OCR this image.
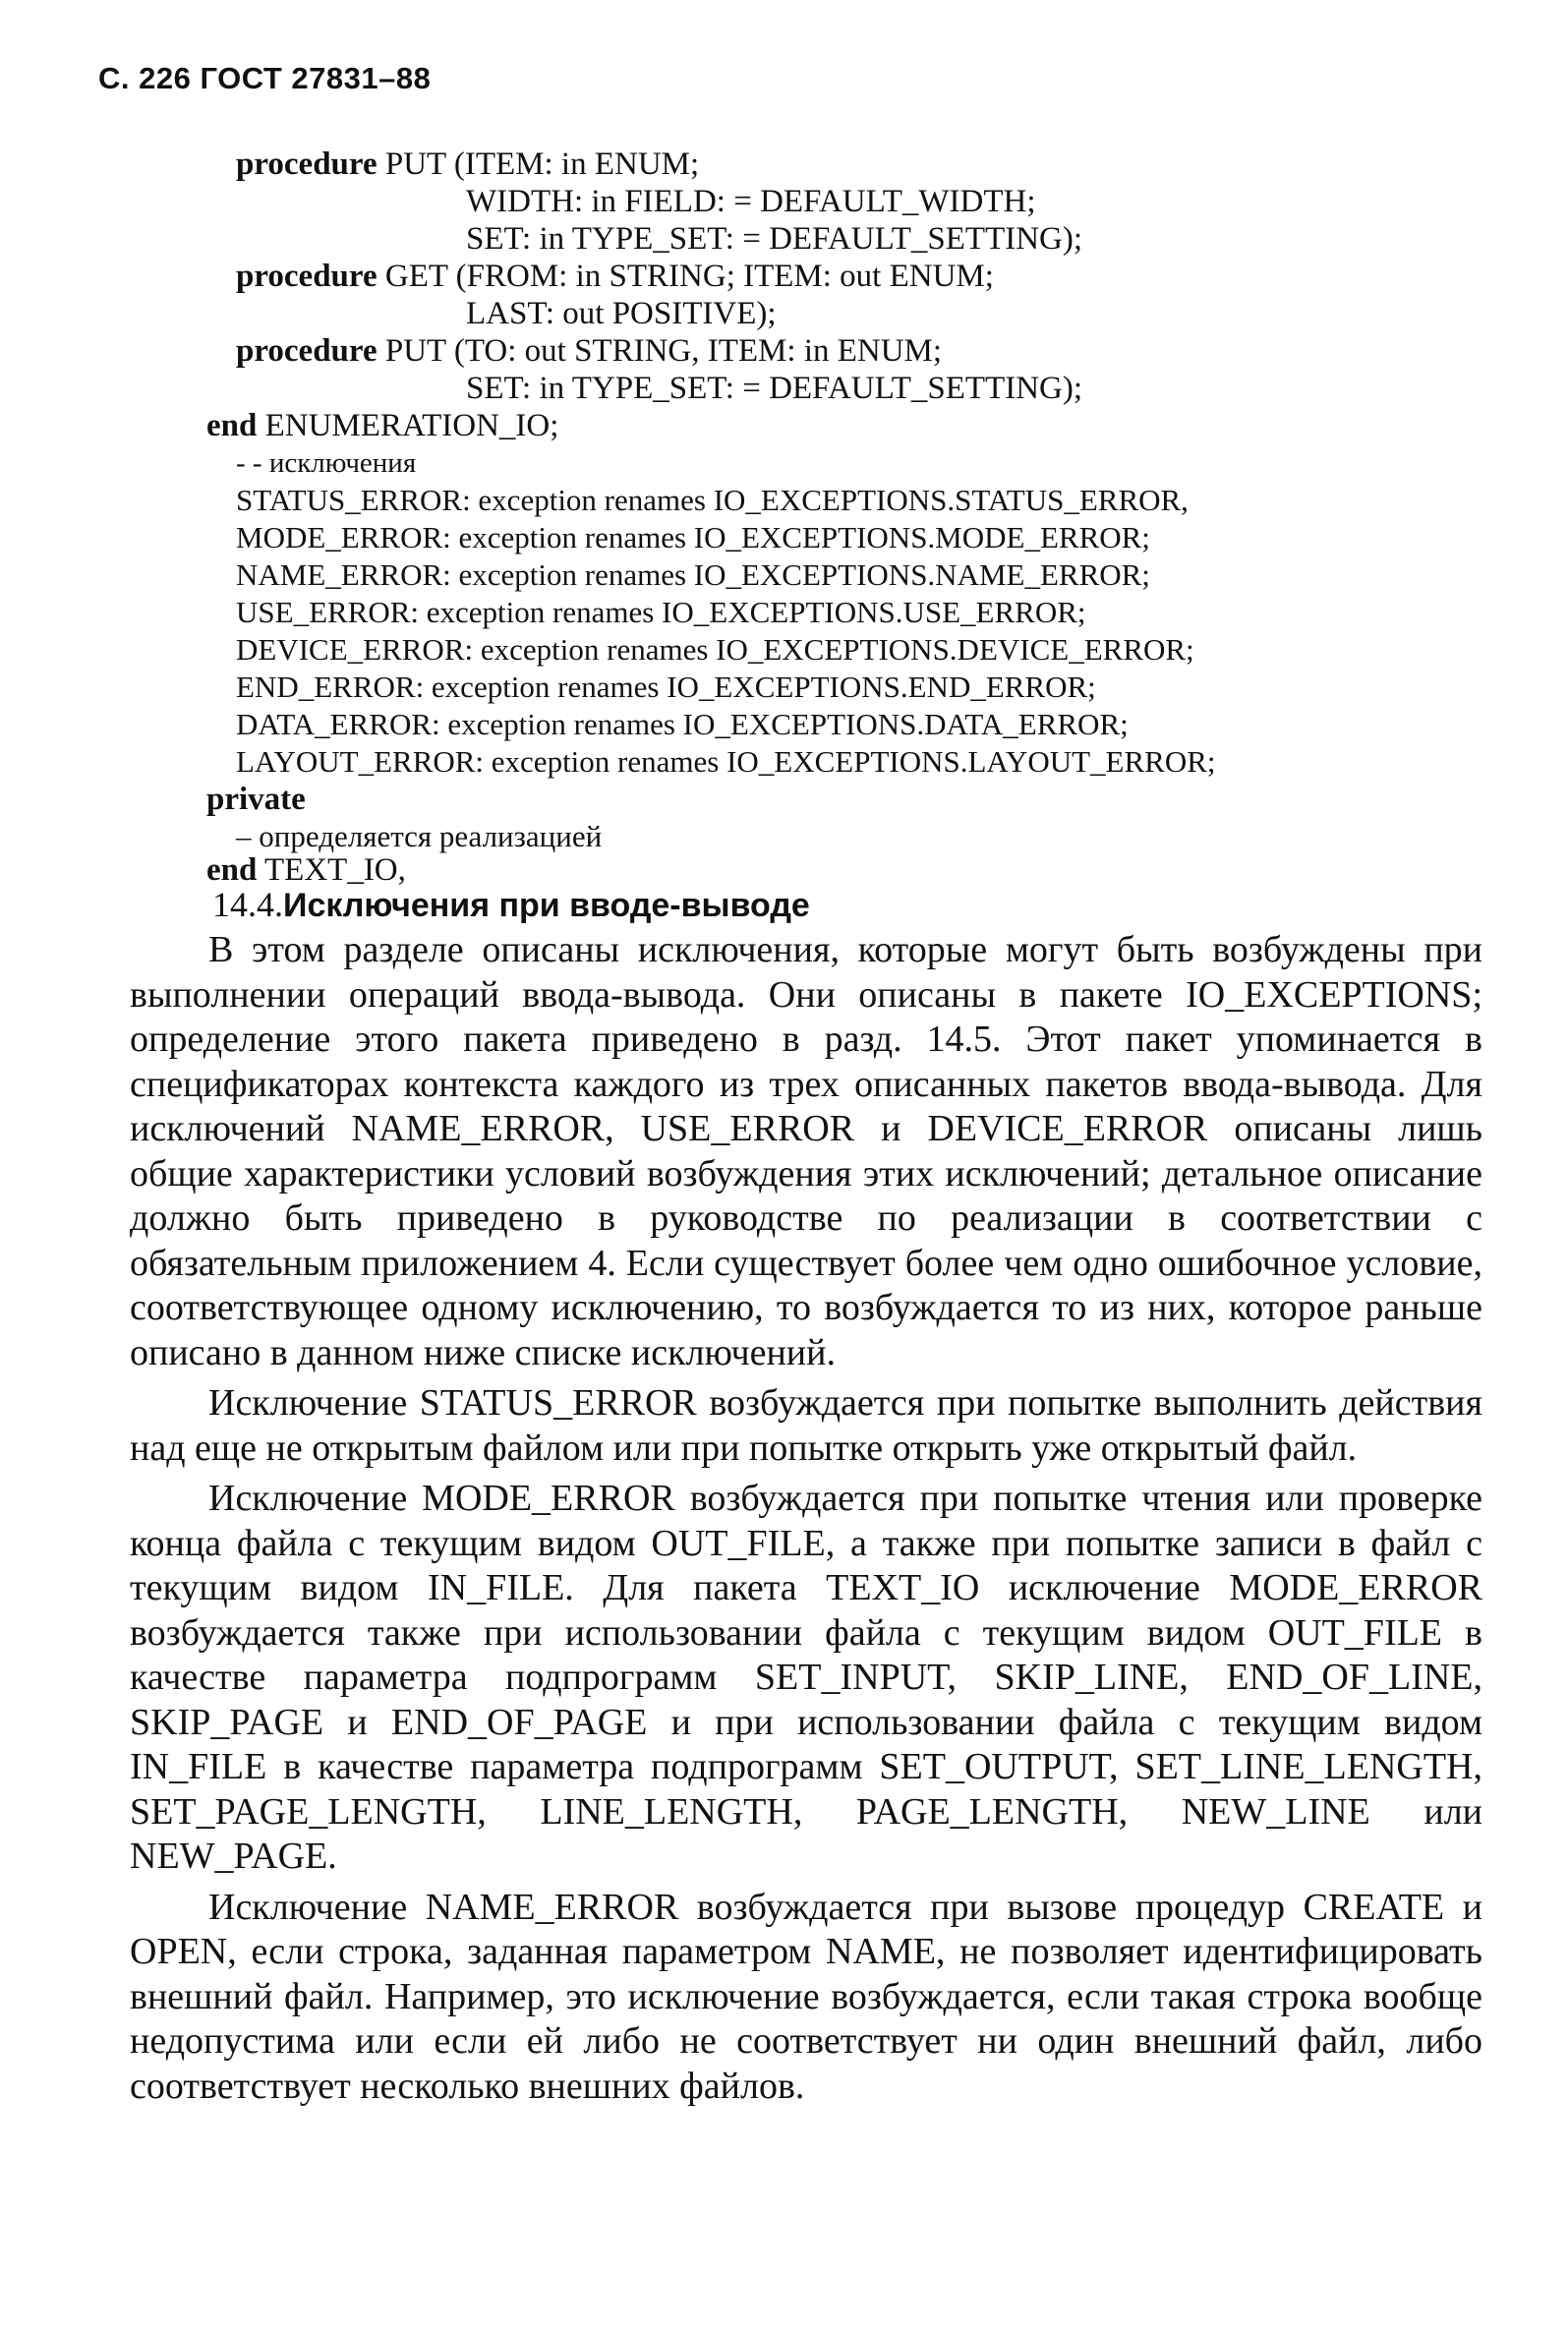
С. 226 ГОСТ 27831–88
procedure PUT (ITEM: in ENUM;
WIDTH: in FIELD: = DEFAULT_WIDTH;
SET: in TYPE_SET: = DEFAULT_SETTING);
procedure GET (FROM: in STRING; ITEM: out ENUM;
LAST: out POSITIVE);
procedure PUT (TO: out STRING, ITEM: in ENUM;
SET: in TYPE_SET: = DEFAULT_SETTING);
end ENUMERATION_IO;
- - исключения
STATUS_ERROR: exception renames IO_EXCEPTIONS.STATUS_ERROR,
MODE_ERROR: exception renames IO_EXCEPTIONS.MODE_ERROR;
NAME_ERROR: exception renames IO_EXCEPTIONS.NAME_ERROR;
USE_ERROR: exception renames IO_EXCEPTIONS.USE_ERROR;
DEVICE_ERROR: exception renames IO_EXCEPTIONS.DEVICE_ERROR;
END_ERROR: exception renames IO_EXCEPTIONS.END_ERROR;
DATA_ERROR: exception renames IO_EXCEPTIONS.DATA_ERROR;
LAYOUT_ERROR: exception renames IO_EXCEPTIONS.LAYOUT_ERROR;
private
– определяется реализацией
end TEXT_IO,
14.4.Исключения при вводе-выводе

В этом разделе описаны исключения, которые могут быть возбуждены при выполнении операций ввода-вывода. Они описаны в пакете IO_EXCEPTIONS; определение этого пакета приведено в разд. 14.5. Этот пакет упоминается в спецификаторах контекста каждого из трех описанных пакетов ввода-вывода. Для исключений NAME_ERROR, USE_ERROR и DEVICE_ERROR описаны лишь общие характеристики условий возбуждения этих исключений; детальное описание должно быть приведено в руководстве по реализации в соответствии с обязательным приложением 4. Если существует более чем одно ошибочное условие, соответствующее одному исключению, то возбуждается то из них, которое раньше описано в данном ниже списке исключений.

Исключение STATUS_ERROR возбуждается при попытке выполнить действия над еще не открытым файлом или при попытке открыть уже открытый файл.

Исключение MODE_ERROR возбуждается при попытке чтения или проверке конца файла с текущим видом OUT_FILE, а также при попытке записи в файл с текущим видом IN_FILE. Для пакета TEXT_IO исключение MODE_ERROR возбуждается также при использовании файла с текущим видом OUT_FILE в качестве параметра подпрограмм SET_INPUT, SKIP_LINE, END_OF_LINE, SKIP_PAGE и END_OF_PAGE и при использовании файла с текущим видом IN_FILE в качестве параметра подпрограмм SET_OUTPUT, SET_LINE_LENGTH, SET_PAGE_LENGTH, LINE_LENGTH, PAGE_LENGTH, NEW_LINE или NEW_PAGE.

Исключение NAME_ERROR возбуждается при вызове процедур CREATE и OPEN, если строка, заданная параметром NAME, не позволяет идентифицировать внешний файл. Например, это исключение возбуждается, если такая строка вообще недопустима или если ей либо не соответствует ни один внешний файл, либо соответствует несколько внешних файлов.
